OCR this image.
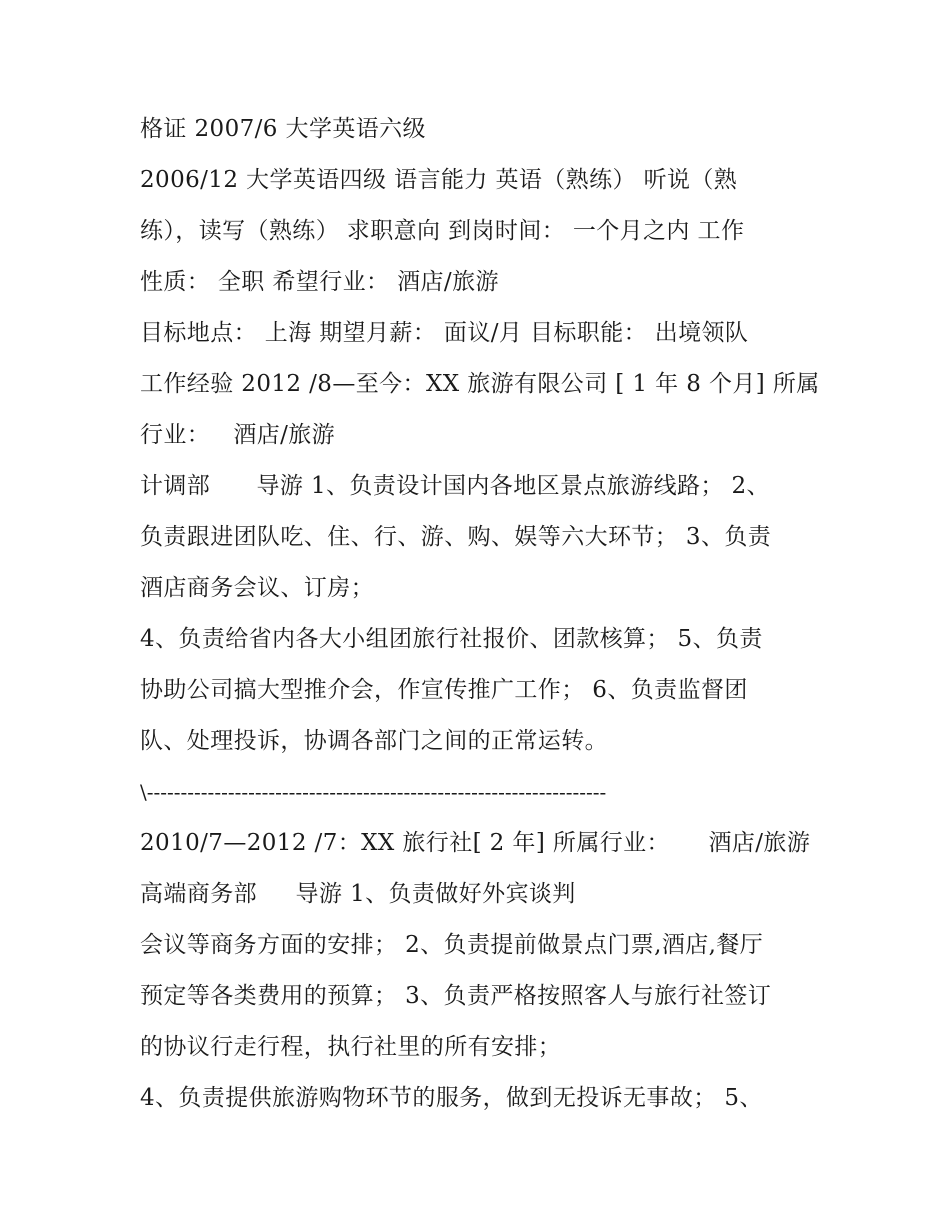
格证 2007/6 大学英语六级
2006/12 大学英语四级 语言能力 英语（熟练） 听说（熟
练），读写（熟练） 求职意向 到岗时间： 一个月之内 工作
性质： 全职 希望行业： 酒店/旅游
目标地点： 上海 期望月薪： 面议/月 目标职能： 出境领队
工作经验 2012 /8—至今：XX 旅游有限公司 [ 1 年 8 个月] 所属
行业：   酒店/旅游
计调部      导游 1、负责设计国内各地区景点旅游线路； 2、
负责跟进团队吃、住、行、游、购、娱等六大环节； 3、负责
酒店商务会议、订房；
4、负责给省内各大小组团旅行社报价、团款核算； 5、负责
协助公司搞大型推介会，作宣传推广工作； 6、负责监督团
队、处理投诉，协调各部门之间的正常运转。
\--------------------------------------------------------------------
2010/7—2012 /7：XX 旅行社[ 2 年] 所属行业：     酒店/旅游
高端商务部     导游 1、负责做好外宾谈判
会议等商务方面的安排； 2、负责提前做景点门票,酒店,餐厅
预定等各类费用的预算； 3、负责严格按照客人与旅行社签订
的协议行走行程，执行社里的所有安排；
4、负责提供旅游购物环节的服务，做到无投诉无事故； 5、
